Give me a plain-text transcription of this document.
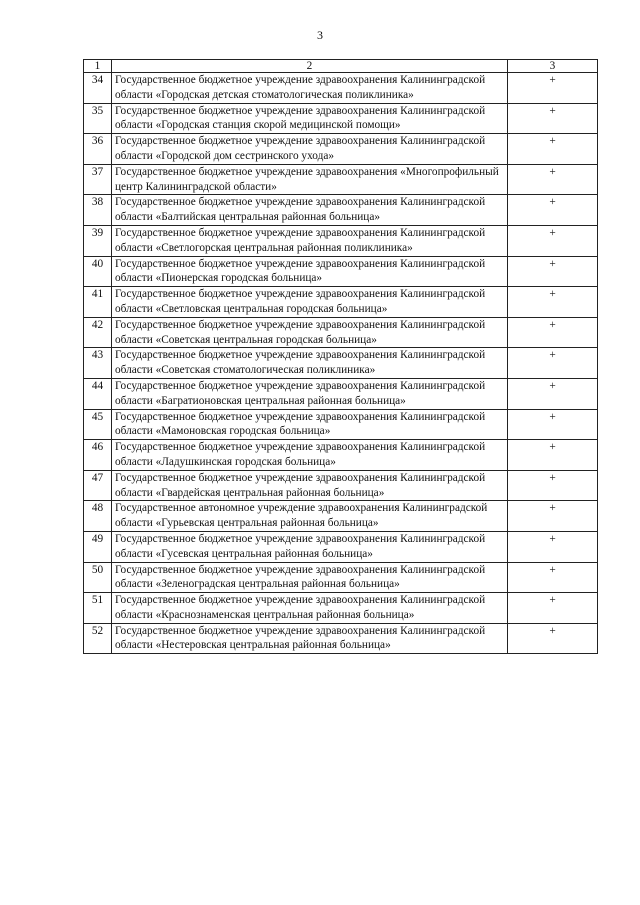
3
1	2	3
34	Государственное бюджетное учреждение здравоохранения Калининградской области «Городская детская стоматологическая поликлиника»	+
35	Государственное бюджетное учреждение здравоохранения Калининградской области «Городская станция скорой медицинской помощи»	+
36	Государственное бюджетное учреждение здравоохранения Калининградской области «Городской дом сестринского ухода»	+
37	Государственное бюджетное учреждение здравоохранения «Многопрофильный центр Калининградской области»	+
38	Государственное бюджетное учреждение здравоохранения Калининградской области «Балтийская центральная районная больница»	+
39	Государственное бюджетное учреждение здравоохранения Калининградской области «Светлогорская центральная районная поликлиника»	+
40	Государственное бюджетное учреждение здравоохранения Калининградской области «Пионерская городская больница»	+
41	Государственное бюджетное учреждение здравоохранения Калининградской области «Светловская центральная городская больница»	+
42	Государственное бюджетное учреждение здравоохранения Калининградской области «Советская центральная городская больница»	+
43	Государственное бюджетное учреждение здравоохранения Калининградской области «Советская стоматологическая поликлиника»	+
44	Государственное бюджетное учреждение здравоохранения Калининградской области «Багратионовская центральная районная больница»	+
45	Государственное бюджетное учреждение здравоохранения Калининградской области «Мамоновская городская больница»	+
46	Государственное бюджетное учреждение здравоохранения Калининградской области «Ладушкинская городская больница»	+
47	Государственное бюджетное учреждение здравоохранения Калининградской области «Гвардейская центральная районная больница»	+
48	Государственное автономное учреждение здравоохранения Калининградской области «Гурьевская центральная районная больница»	+
49	Государственное бюджетное учреждение здравоохранения Калининградской области «Гусевская центральная районная больница»	+
50	Государственное бюджетное учреждение здравоохранения Калининградской области «Зеленоградская центральная районная больница»	+
51	Государственное бюджетное учреждение здравоохранения Калининградской области «Краснознаменская центральная районная больница»	+
52	Государственное бюджетное учреждение здравоохранения Калининградской области «Нестеровская центральная районная больница»	+
